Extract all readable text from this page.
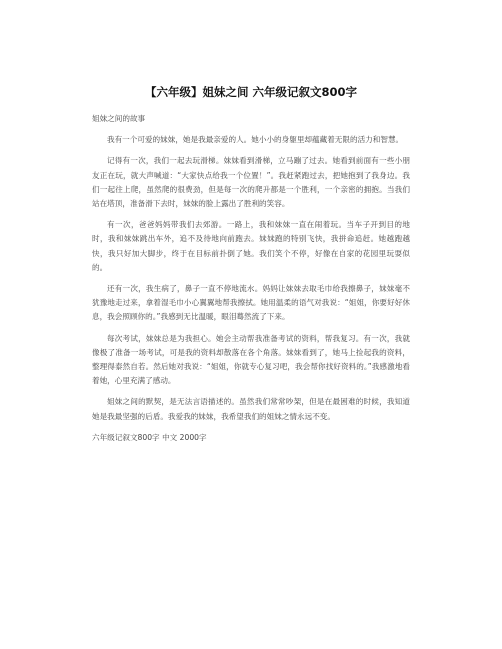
【六年级】姐妹之间 六年级记叙文800字

姐妹之间的故事

我有一个可爱的妹妹，她是我最亲爱的人。她小小的身躯里却蕴藏着无限的活力和智慧。

记得有一次，我们一起去玩滑梯。妹妹看到滑梯，立马蹦了过去。她看到前面有一些小朋友正在玩，就大声喊道：“大家快点给我一个位置！”。我赶紧跑过去，把她抱到了我身边。我们一起往上爬，虽然爬的很费劲，但是每一次的爬升都是一个胜利，一个亲密的拥抱。当我们站在塔顶，准备滑下去时，妹妹的脸上露出了胜利的笑容。

有一次，爸爸妈妈带我们去郊游。一路上，我和妹妹一直在闹着玩。当车子开到目的地时，我和妹妹跳出车外，追不及待地向前跑去。妹妹跑的特别飞快，我拼命追赶。她越跑越快，我只好加大脚步，终于在目标前扑倒了她。我们笑个不停，好像在自家的花园里玩耍似的。

还有一次，我生病了，鼻子一直不停地流水。妈妈让妹妹去取毛巾给我擦鼻子，妹妹毫不犹豫地走过来，拿着湿毛巾小心翼翼地帮我擦拭。她用温柔的语气对我说：“姐姐，你要好好休息，我会照顾你的。”我感到无比温暖，眼泪蓦然流了下来。

每次考试，妹妹总是为我担心。她会主动帮我准备考试的资料，帮我复习。有一次，我就像极了准备一场考试，可是我的资料却散落在各个角落。妹妹看到了，她马上捡起我的资料，整理得泰然自若。然后她对我说：“姐姐，你就专心复习吧，我会帮你找好资料的。”我感激地看着她，心里充满了感动。

姐妹之间的默契，是无法言语描述的。虽然我们常常吵架，但是在最困难的时候，我知道她是我最坚强的后盾。我爱我的妹妹，我希望我们的姐妹之情永远不变。

六年级记叙文800字 中文 2000字
